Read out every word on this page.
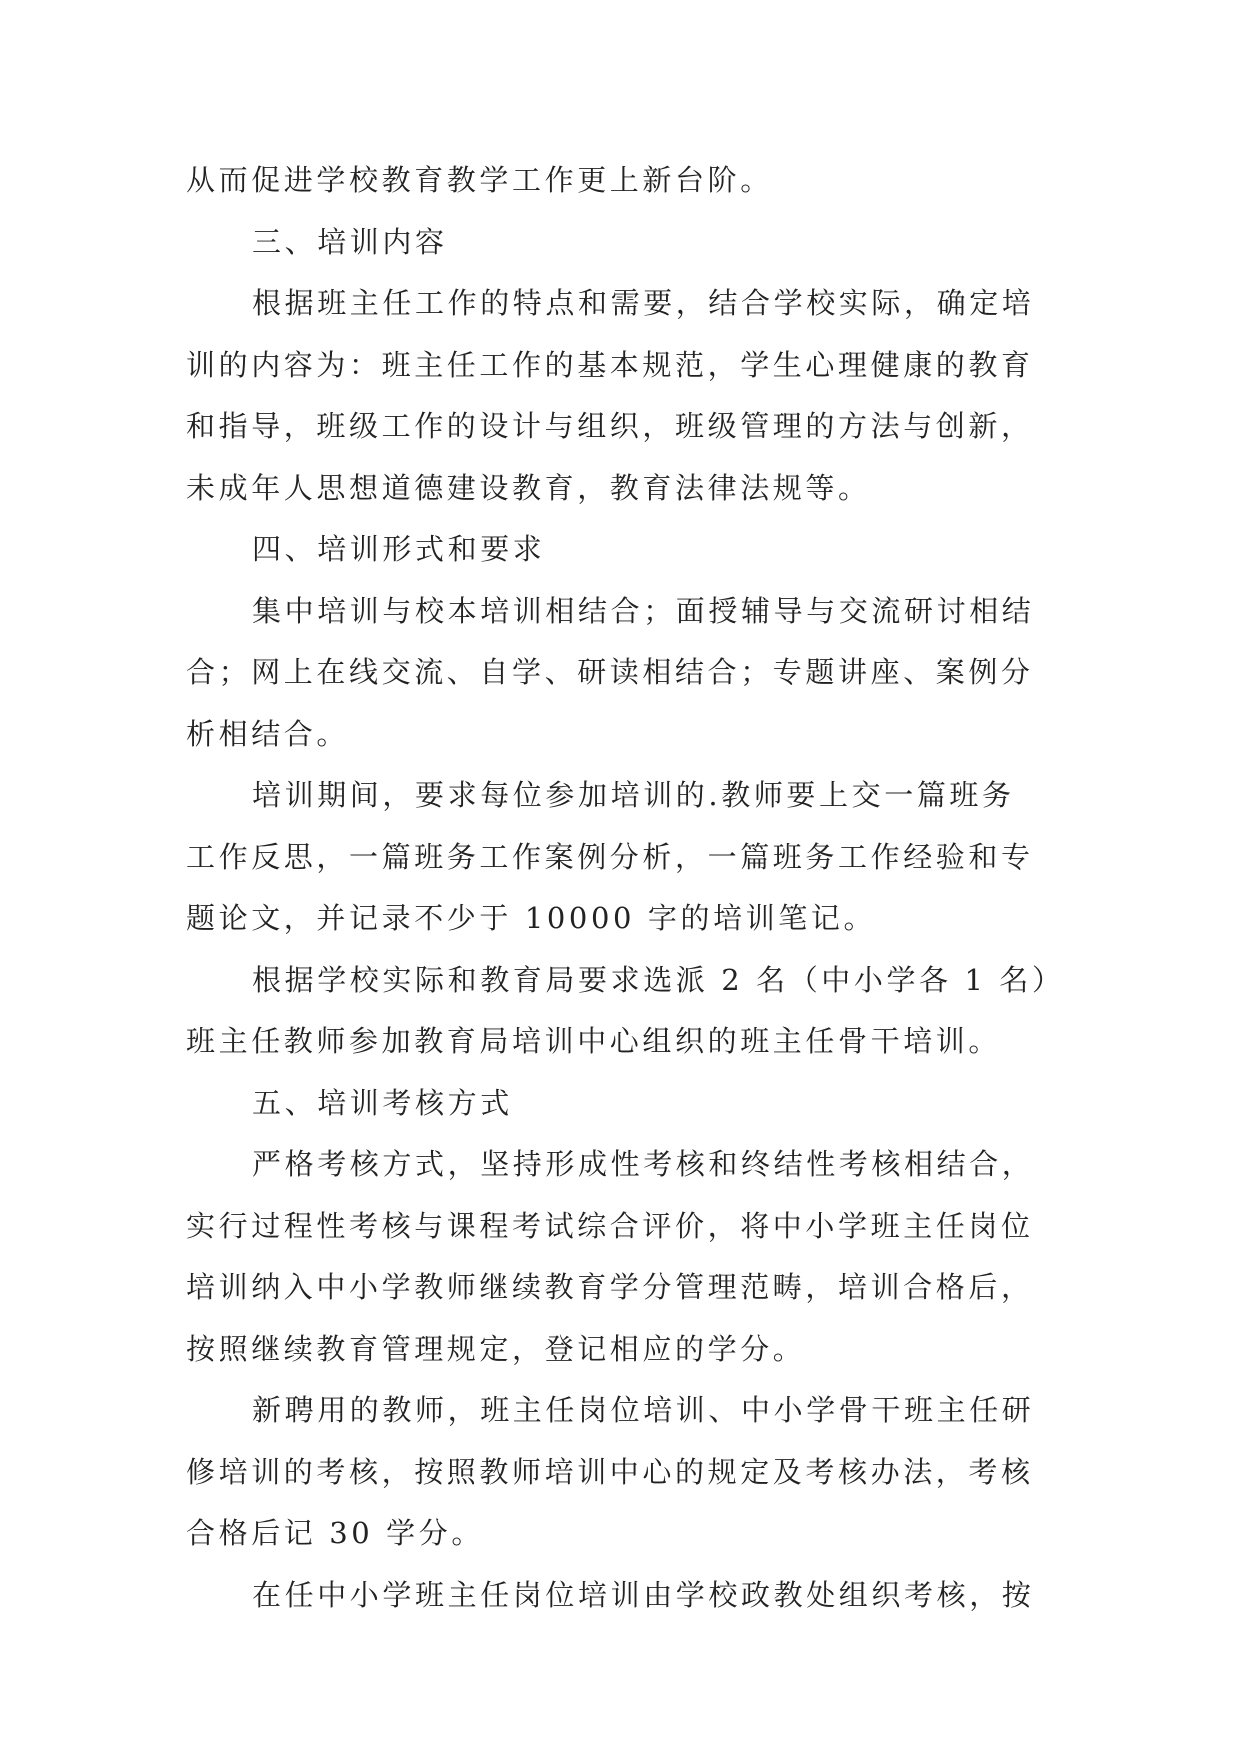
从而促进学校教育教学工作更上新台阶。
三、培训内容
根据班主任工作的特点和需要，结合学校实际，确定培
训的内容为：班主任工作的基本规范，学生心理健康的教育
和指导，班级工作的设计与组织，班级管理的方法与创新，
未成年人思想道德建设教育，教育法律法规等。
四、培训形式和要求
集中培训与校本培训相结合；面授辅导与交流研讨相结
合；网上在线交流、自学、研读相结合；专题讲座、案例分
析相结合。
培训期间，要求每位参加培训的.教师要上交一篇班务
工作反思，一篇班务工作案例分析，一篇班务工作经验和专
题论文，并记录不少于 10000 字的培训笔记。
根据学校实际和教育局要求选派 2 名（中小学各 1 名）
班主任教师参加教育局培训中心组织的班主任骨干培训。
五、培训考核方式
严格考核方式，坚持形成性考核和终结性考核相结合，
实行过程性考核与课程考试综合评价，将中小学班主任岗位
培训纳入中小学教师继续教育学分管理范畴，培训合格后，
按照继续教育管理规定，登记相应的学分。
新聘用的教师，班主任岗位培训、中小学骨干班主任研
修培训的考核，按照教师培训中心的规定及考核办法，考核
合格后记 30 学分。
在任中小学班主任岗位培训由学校政教处组织考核，按
